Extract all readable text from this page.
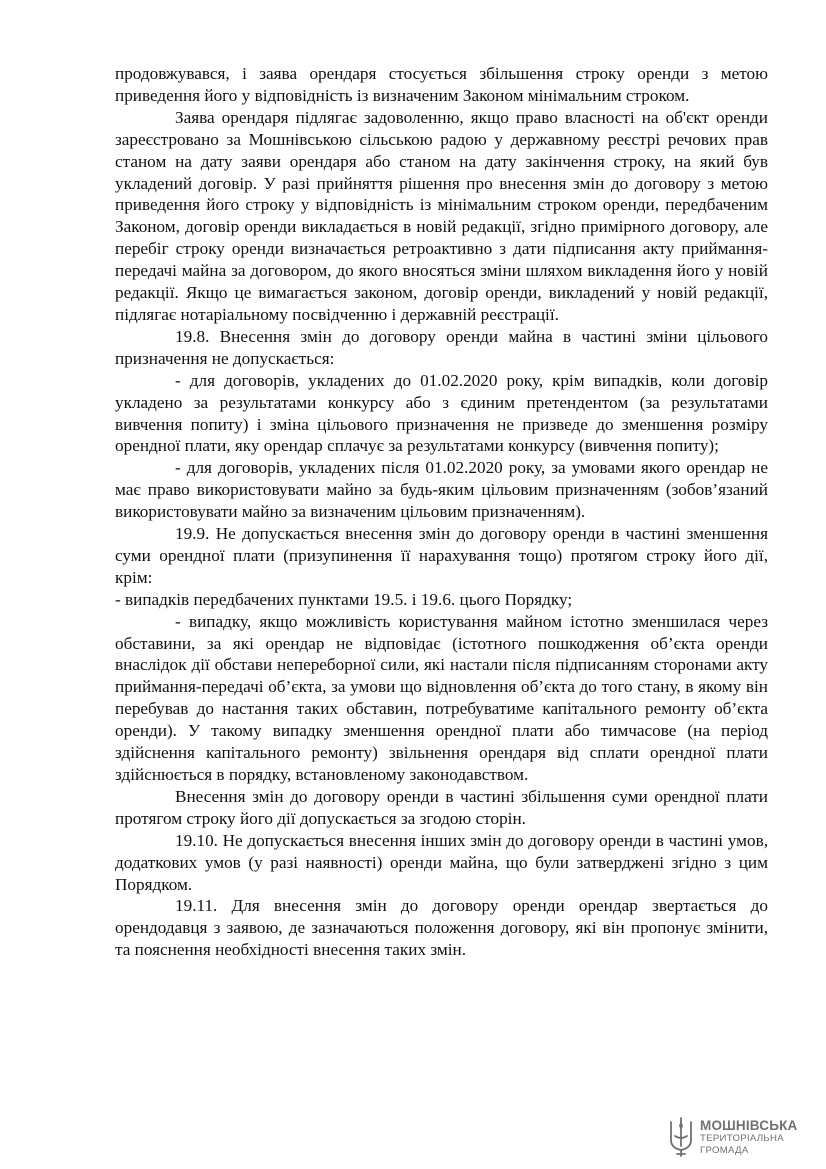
продовжувався, і заява орендаря стосується збільшення строку оренди з метою приведення його у відповідність із визначеним Законом мінімальним строком.

Заява орендаря підлягає задоволенню, якщо право власності на об'єкт оренди зареєстровано за Мошнівською сільською радою у державному реєстрі речових прав станом на дату заяви орендаря або станом на дату закінчення строку, на який був укладений договір. У разі прийняття рішення про внесення змін до договору з метою приведення його строку у відповідність із мінімальним строком оренди, передбаченим Законом, договір оренди викладається в новій редакції, згідно примірного договору, але перебіг строку оренди визначається ретроактивно з дати підписання акту приймання-передачі майна за договором, до якого вносяться зміни шляхом викладення його у новій редакції. Якщо це вимагається законом, договір оренди, викладений у новій редакції, підлягає нотаріальному посвідченню і державній реєстрації.

19.8. Внесення змін до договору оренди майна в частині зміни цільового призначення не допускається:

- для договорів, укладених до 01.02.2020 року, крім випадків, коли договір укладено за результатами конкурсу або з єдиним претендентом (за результатами вивчення попиту) і зміна цільового призначення не призведе до зменшення розміру орендної плати, яку орендар сплачує за результатами конкурсу (вивчення попиту);

- для договорів, укладених після 01.02.2020 року, за умовами якого орендар не має право використовувати майно за будь-яким цільовим призначенням (зобов’язаний використовувати майно за визначеним цільовим призначенням).

19.9. Не допускається внесення змін до договору оренди в частині зменшення суми орендної плати (призупинення її нарахування тощо) протягом строку його дії, крім:

- випадків передбачених пунктами 19.5. і 19.6. цього Порядку;

- випадку, якщо можливість користування майном істотно зменшилася через обставини, за які орендар не відповідає (істотного пошкодження об’єкта оренди внаслідок дії обстави непереборної сили, які настали після підписанням сторонами акту приймання-передачі об’єкта, за умови що відновлення об’єкта до того стану, в якому він перебував до настання таких обставин, потребуватиме капітального ремонту об’єкта оренди). У такому випадку зменшення орендної плати або тимчасове (на період здійснення капітального ремонту) звільнення орендаря від сплати орендної плати здійснюється в порядку, встановленому законодавством.

Внесення змін до договору оренди в частині збільшення суми орендної плати протягом строку його дії допускається за згодою сторін.

19.10. Не допускається внесення інших змін до договору оренди в частині умов, додаткових умов (у разі наявності) оренди майна, що були затверджені згідно з цим Порядком.

19.11. Для внесення змін до договору оренди орендар звертається до орендодавця з заявою, де зазначаються положення договору, які він пропонує змінити, та пояснення необхідності внесення таких змін.

МОШНІВСЬКА
ТЕРИТОРІАЛЬНА
ГРОМАДА
